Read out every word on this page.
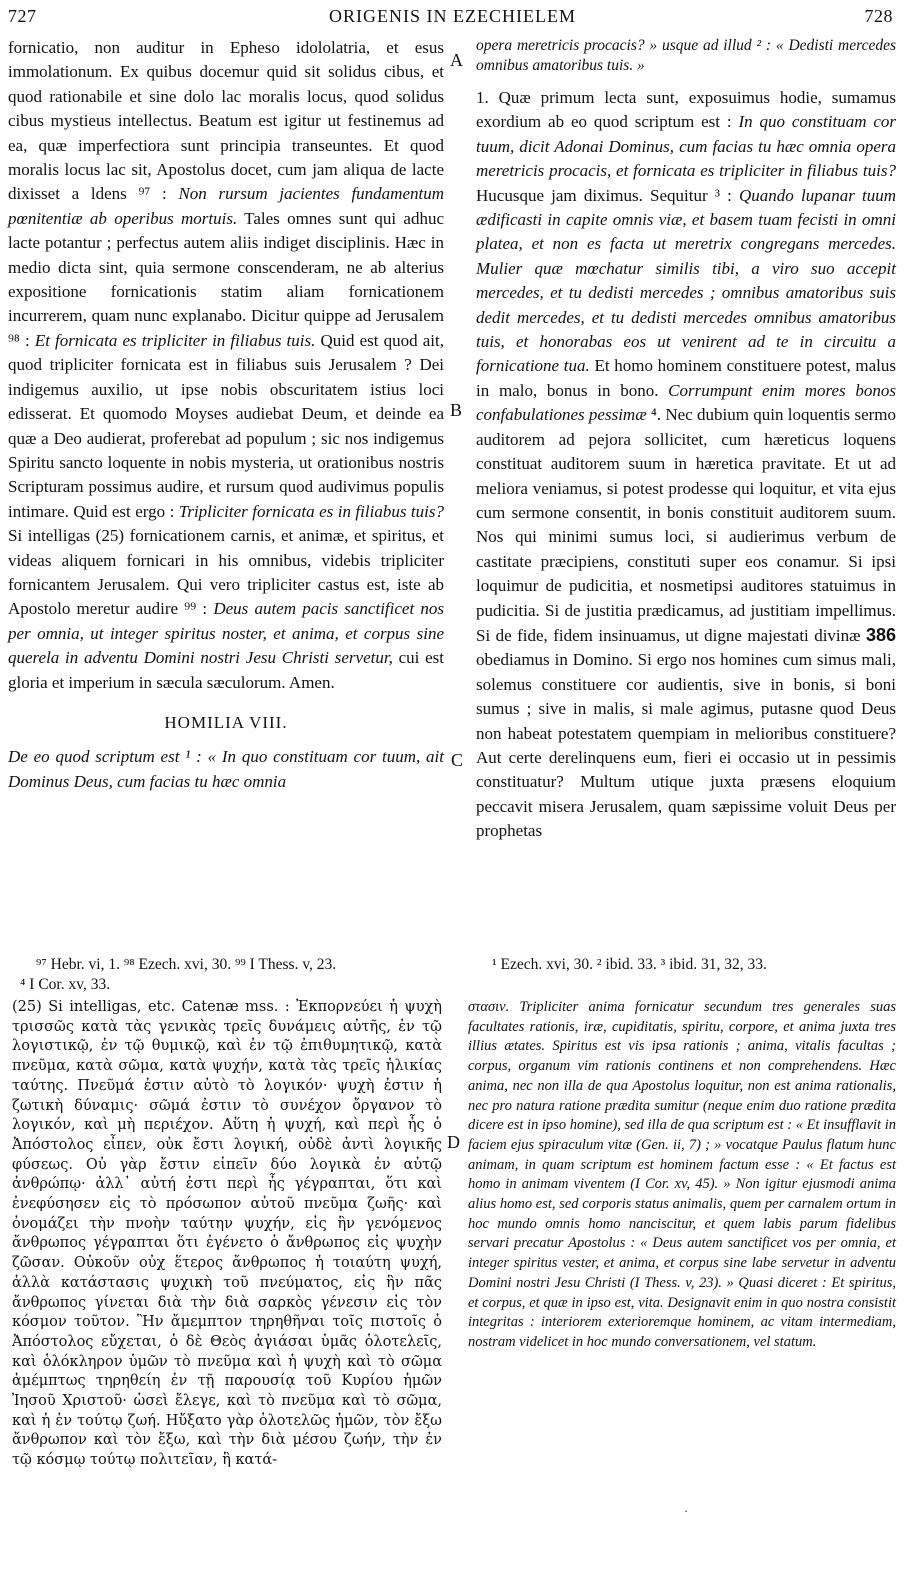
727	ORIGENIS IN EZECHIELEM	728
A
B
C
D

fornicatio, non auditur in Epheso idololatria, et esus immolationum. Ex quibus docemur quid sit solidus cibus, et quod rationabile et sine dolo lac moralis locus, quod solidus cibus mystieus intellectus. Beatum est igitur ut festinemus ad ea, quæ imperfectiora sunt principia transeuntes. Et quod moralis locus lac sit, Apostolus docet, cum jam aliqua de lacte dixisset a ldens ⁹⁷ : Non rursum jacientes fundamentum pœnitentiæ ab operibus mortuis. Tales omnes sunt qui adhuc lacte potantur ; perfectus autem aliis indiget disciplinis. Hæc in medio dicta sint, quia sermone conscenderam, ne ab alterius expositione fornicationis statim aliam fornicationem incurrerem, quam nunc explanabo. Dicitur quippe ad Jerusalem ⁹⁸ : Et fornicata es tripliciter in filiabus tuis. Quid est quod ait, quod tripliciter fornicata est in filiabus suis Jerusalem ? Dei indigemus auxilio, ut ipse nobis obscuritatem istius loci edisserat. Et quomodo Moyses audiebat Deum, et deinde ea quæ a Deo audierat, proferebat ad populum ; sic nos indigemus Spiritu sancto loquente in nobis mysteria, ut orationibus nostris Scripturam possimus audire, et rursum quod audivimus populis intimare. Quid est ergo : Tripliciter fornicata es in filiabus tuis? Si intelligas (25) fornicationem carnis, et animæ, et spiritus, et videas aliquem fornicari in his omnibus, videbis tripliciter fornicantem Jerusalem. Qui vero tripliciter castus est, iste ab Apostolo meretur audire ⁹⁹ : Deus autem pacis sanctificet nos per omnia, ut integer spiritus noster, et anima, et corpus sine querela in adventu Domini nostri Jesu Christi servetur, cui est gloria et imperium in sæcula sæculorum. Amen.

HOMILIA VIII.

De eo quod scriptum est ¹ : « In quo constituam cor tuum, ait Dominus Deus, cum facias tu hæc omnia

opera meretricis procacis? » usque ad illud ² : « Dedisti mercedes omnibus amatoribus tuis. »

1. Quæ primum lecta sunt, exposuimus hodie, sumamus exordium ab eo quod scriptum est : In quo constituam cor tuum, dicit Adonai Dominus, cum facias tu hæc omnia opera meretricis procacis, et fornicata es tripliciter in filiabus tuis? Hucusque jam diximus. Sequitur ³ : Quando lupanar tuum ædificasti in capite omnis viæ, et basem tuam fecisti in omni platea, et non es facta ut meretrix congregans mercedes. Mulier quæ mœchatur similis tibi, a viro suo accepit mercedes, et tu dedisti mercedes ; omnibus amatoribus suis dedit mercedes, et tu dedisti mercedes omnibus amatoribus tuis, et honorabas eos ut venirent ad te in circuitu a fornicatione tua. Et homo hominem constituere potest, malus in malo, bonus in bono. Corrumpunt enim mores bonos confabulationes pessimæ ⁴. Nec dubium quin loquentis sermo auditorem ad pejora sollicitet, cum hæreticus loquens constituat auditorem suum in hæretica pravitate. Et ut ad meliora veniamus, si potest prodesse qui loquitur, et vita ejus cum sermone consentit, in bonis constituit auditorem suum. Nos qui minimi sumus loci, si audierimus verbum de castitate præcipiens, constituti super eos conamur. Si ipsi loquimur de pudicitia, et nosmetipsi auditores statuimus in pudicitia. Si de justitia prædicamus, ad justitiam impellimus. Si de fide, fidem insinuamus, ut digne majestati divinæ 386 obediamus in Domino. Si ergo nos homines cum simus mali, solemus constituere cor audientis, sive in bonis, si boni sumus ; sive in malis, si male agimus, putasne quod Deus non habeat potestatem quempiam in melioribus constituere? Aut certe derelinquens eum, fieri ei occasio ut in pessimis constituatur? Multum utique juxta præsens eloquium peccavit misera Jerusalem, quam sæpissime voluit Deus per prophetas

⁹⁷ Hebr. vi, 1. ⁹⁸ Ezech. xvi, 30. ⁹⁹ I Thess. v, 23.	¹ Ezech. xvi, 30. ² ibid. 33. ³ ibid. 31, 32, 33.
⁴ I Cor. xv, 33.

(25) Si intelligas, etc. Catenæ mss. : Ἐκπορνεύει ἡ ψυχὴ τρισσῶς κατὰ τὰς γενικὰς τρεῖς δυνάμεις αὐτῆς, ἐν τῷ λογιστικῷ, ἐν τῷ θυμικῷ, καὶ ἐν τῷ ἐπιθυμητικῷ, κατὰ πνεῦμα, κατὰ σῶμα, κατὰ ψυχήν, κατὰ τὰς τρεῖς ἡλικίας ταύτης. Πνεῦμά ἐστιν αὐτὸ τὸ λογικόν· ψυχὴ ἐστιν ἡ ζωτικὴ δύναμις· σῶμά ἐστιν τὸ συνέχον ὄργανον τὸ λογικόν, καὶ μὴ περιέχον. Αὕτη ἡ ψυχή, καὶ περὶ ἧς ὁ Ἀπόστολος εἶπεν, οὐκ ἔστι λογική, οὐδὲ ἀντὶ λογικῆς φύσεως. Οὐ γὰρ ἔστιν εἰπεῖν δύο λογικὰ ἐν αὐτῷ ἀνθρώπῳ· ἀλλ᾽ αὐτή ἐστι περὶ ἧς γέγραπται, ὅτι καὶ ἐνεφύσησεν εἰς τὸ πρόσωπον αὐτοῦ πνεῦμα ζωῆς· καὶ ὀνομάζει τὴν πνοὴν ταύτην ψυχήν, εἰς ἣν γενόμενος ἄνθρωπος γέγραπται ὅτι ἐγένετο ὁ ἄνθρωπος εἰς ψυχὴν ζῶσαν. Οὐκοῦν οὐχ ἕτερος ἄνθρωπος ἡ τοιαύτη ψυχή, ἀλλὰ κατάστασις ψυχικὴ τοῦ πνεύματος, εἰς ἣν πᾶς ἄνθρωπος γίνεται διὰ τὴν διὰ σαρκὸς γένεσιν εἰς τὸν κόσμον τοῦτον. Ἣν ἄμεμπτον τηρηθῆναι τοῖς πιστοῖς ὁ Ἀπόστολος εὔχεται, ὁ δὲ Θεὸς ἁγιάσαι ὑμᾶς ὁλοτελεῖς, καὶ ὁλόκληρον ὑμῶν τὸ πνεῦμα καὶ ἡ ψυχὴ καὶ τὸ σῶμα ἀμέμπτως τηρηθείη ἐν τῇ παρουσίᾳ τοῦ Κυρίου ἡμῶν Ἰησοῦ Χριστοῦ· ὡσεὶ ἔλεγε, καὶ τὸ πνεῦμα καὶ τὸ σῶμα, καὶ ἡ ἐν τούτῳ ζωή. Ηὔξατο γὰρ ὁλοτελῶς ἡμῶν, τὸν ἔξω ἄνθρωπον καὶ τὸν ἔξω, καὶ τὴν διὰ μέσου ζωήν, τὴν ἐν τῷ κόσμῳ τούτῳ πολιτεῖαν, ἣ κατά-

στασιν. Tripliciter anima fornicatur secundum tres generales suas facultates rationis, iræ, cupiditatis, spiritu, corpore, et anima juxta tres illius ætates. Spiritus est vis ipsa rationis ; anima, vitalis facultas ; corpus, organum vim rationis continens et non comprehendens. Hæc anima, nec non illa de qua Apostolus loquitur, non est anima rationalis, nec pro natura ratione prædita sumitur (neque enim duo ratione prædita dicere est in ipso homine), sed illa de qua scriptum est : « Et insufflavit in faciem ejus spiraculum vitæ (Gen. ii, 7) ; » vocatque Paulus flatum hunc animam, in quam scriptum est hominem factum esse : « Et factus est homo in animam viventem (I Cor. xv, 45). » Non igitur ejusmodi anima alius homo est, sed corporis status animalis, quem per carnalem ortum in hoc mundo omnis homo nanciscitur, et quem labis parum fidelibus servari precatur Apostolus : « Deus autem sanctificet vos per omnia, et integer spiritus vester, et anima, et corpus sine labe servetur in adventu Domini nostri Jesu Christi (I Thess. v, 23). » Quasi diceret : Et spiritus, et corpus, et quæ in ipso est, vita. Designavit enim in quo nostra consistit integritas : interiorem exterioremque hominem, ac vitam intermediam, nostram videlicet in hoc mundo conversationem, vel statum.

·
